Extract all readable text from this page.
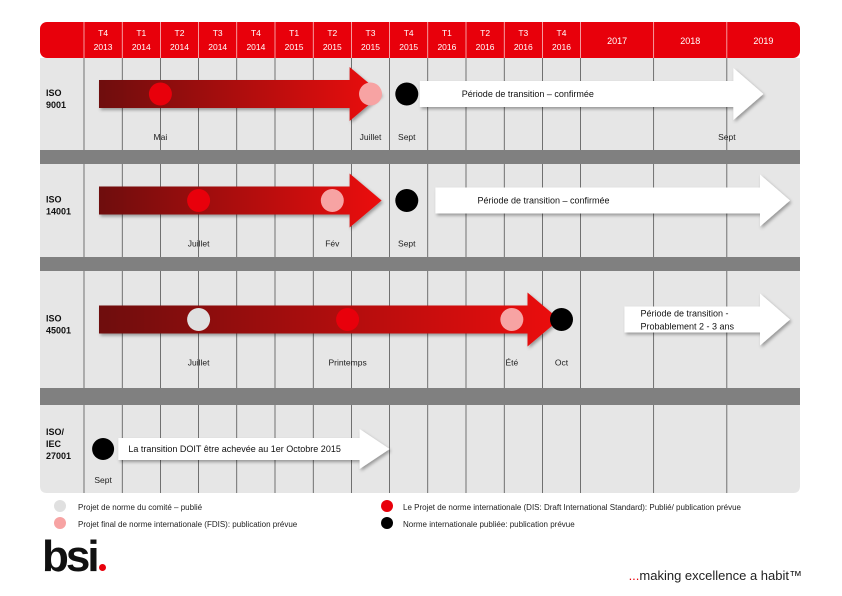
T4
2013
T1
2014
T2
2014
T3
2014
T4
2014
T1
2015
T2
2015
T3
2015
T4
2015
T1
2016
T2
2016
T3
2016
T4
2016
2017	2018	2019
ISO
9001
Période de transition – confirmée
Mai	Juillet Sept	Sept
ISO
14001
Période de transition – confirmée
Juillet	Fév	Sept
ISO
45001
Période de transition -
Probablement 2 - 3 ans
Juillet	Printemps	Été	Oct
ISO/
IEC
27001
La transition DOIT être achevée au 1er Octobre 2015
Sept
Projet de norme du comité – publié
Projet final de norme internationale (FDIS): publication prévue
Le Projet de norme internationale (DIS: Draft International Standard): Publié/ publication prévue
Norme internationale publiée: publication prévue
bsi	...making excellence a habit™
